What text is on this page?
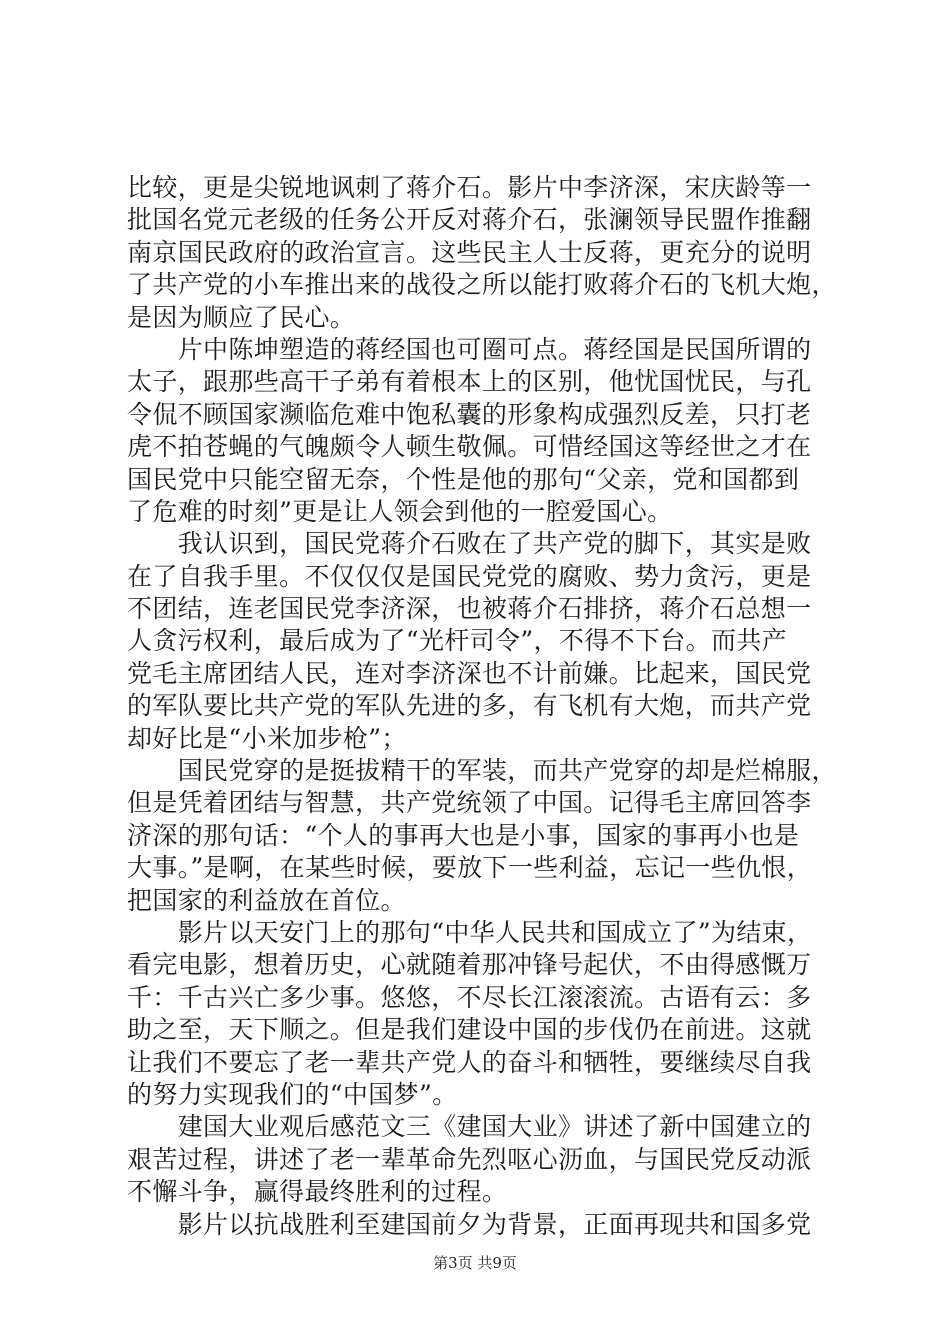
比较，更是尖锐地讽刺了蒋介石。影片中李济深，宋庆龄等一
批国名党元老级的任务公开反对蒋介石，张澜领导民盟作推翻
南京国民政府的政治宣言。这些民主人士反蒋，更充分的说明
了共产党的小车推出来的战役之所以能打败蒋介石的飞机大炮，
是因为顺应了民心。
　　片中陈坤塑造的蒋经国也可圈可点。蒋经国是民国所谓的
太子，跟那些高干子弟有着根本上的区别，他忧国忧民，与孔
令侃不顾国家濒临危难中饱私囊的形象构成强烈反差，只打老
虎不拍苍蝇的气魄颇令人顿生敬佩。可惜经国这等经世之才在
国民党中只能空留无奈，个性是他的那句“父亲，党和国都到
了危难的时刻”更是让人领会到他的一腔爱国心。
　　我认识到，国民党蒋介石败在了共产党的脚下，其实是败
在了自我手里。不仅仅仅是国民党党的腐败、势力贪污，更是
不团结，连老国民党李济深，也被蒋介石排挤，蒋介石总想一
人贪污权利，最后成为了“光杆司令”，不得不下台。而共产
党毛主席团结人民，连对李济深也不计前嫌。比起来，国民党
的军队要比共产党的军队先进的多，有飞机有大炮，而共产党
却好比是“小米加步枪”；
　　国民党穿的是挺拔精干的军装，而共产党穿的却是烂棉服，
但是凭着团结与智慧，共产党统领了中国。记得毛主席回答李
济深的那句话：“个人的事再大也是小事，国家的事再小也是
大事。”是啊，在某些时候，要放下一些利益，忘记一些仇恨，
把国家的利益放在首位。
　　影片以天安门上的那句“中华人民共和国成立了”为结束，
看完电影，想着历史，心就随着那冲锋号起伏，不由得感慨万
千：千古兴亡多少事。悠悠，不尽长江滚滚流。古语有云：多
助之至，天下顺之。但是我们建设中国的步伐仍在前进。这就
让我们不要忘了老一辈共产党人的奋斗和牺牲，要继续尽自我
的努力实现我们的“中国梦”。
　　建国大业观后感范文三《建国大业》讲述了新中国建立的
艰苦过程，讲述了老一辈革命先烈呕心沥血，与国民党反动派
不懈斗争，赢得最终胜利的过程。
　　影片以抗战胜利至建国前夕为背景，正面再现共和国多党
第3页 共9页
